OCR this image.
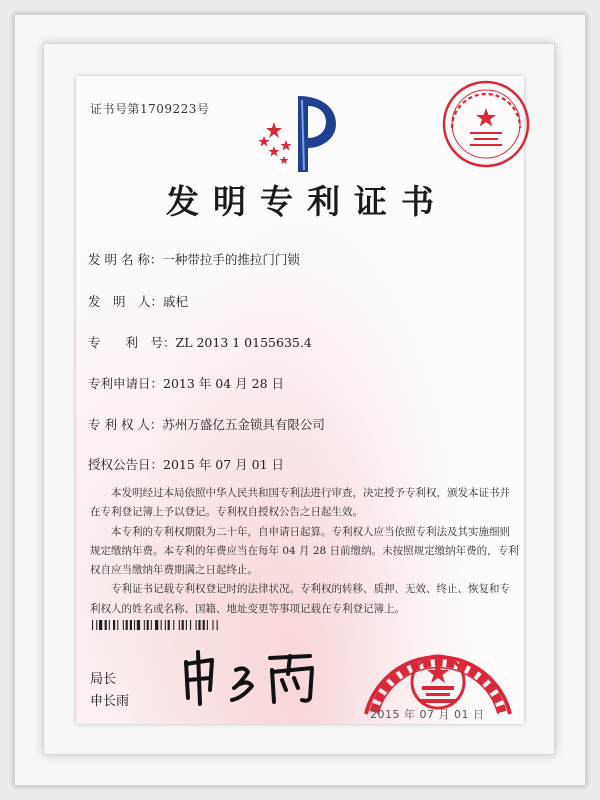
证书号第1709223号
发明专利证书
发 明 名 称：一种带拉手的推拉门门锁
发　明　人：戚杞
专　　利　号：ZL 2013 1 0155635.4
专利申请日：2013 年 04 月 28 日
专 利 权 人：苏州万盛亿五金锁具有限公司
授权公告日：2015 年 07 月 01 日

本发明经过本局依照中华人民共和国专利法进行审查，决定授予专利权，颁发本证书并在专利登记簿上予以登记。专利权自授权公告之日起生效。

本专利的专利权期限为二十年，自申请日起算。专利权人应当依照专利法及其实施细则规定缴纳年费。本专利的年费应当在每年 04 月 28 日前缴纳。未按照规定缴纳年费的，专利权自应当缴纳年费期满之日起终止。

专利证书记载专利权登记时的法律状况。专利权的转移、质押、无效、终止、恢复和专利权人的姓名或名称、国籍、地址变更等事项记载在专利登记簿上。

局长
申长雨
2015 年 07 月 01 日
